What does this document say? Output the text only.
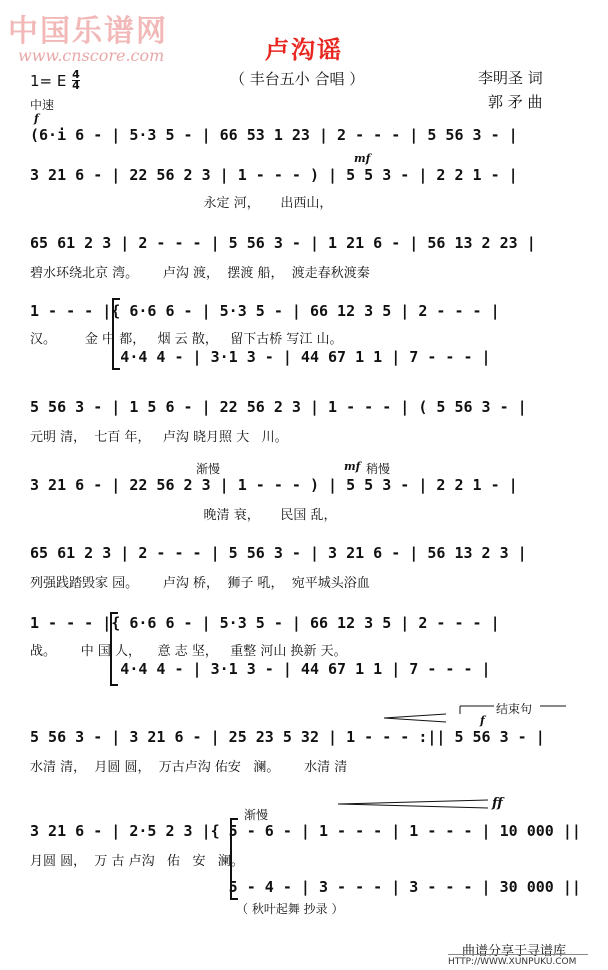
中国乐谱网
www.cnscore.com	卢沟谣
1= E 4
4
中速
（ 丰台五小 合唱 ）	李明圣 词
郭 矛 曲
f
mf
渐慢	mf 稍慢
结束句
f
渐慢
ff
(6·i 6 - | 5·3 5 - | 66 53 1 23 | 2 - - - | 5 56 3 - |
3 21 6 - | 22 56 2 3 | 1 - - - ) | 5 5 3 - | 2 2 1 - |
永定 河，     出西山，
65 61 2 3 | 2 - - - | 5 56 3 - | 1 21 6 - | 56 13 2 23 |
碧水环绕北京 湾。      卢沟 渡，  摆渡 船，  渡走春秋渡秦
1 - - - |{ 6·6 6 - | 5·3 5 - | 66 12 3 5 | 2 - - - |
汉。       金 中 都，   烟 云 散，   留下古桥 写江 山。
4·4 4 - | 3·1 3 - | 44 67 1 1 | 7 - - - |
5 56 3 - | 1 5 6 - | 22 56 2 3 | 1 - - - | ( 5 56 3 - |
元明 清，  七百 年，   卢沟 晓月照 大   川。
3 21 6 - | 22 56 2 3 | 1 - - - ) | 5 5 3 - | 2 2 1 - |
晚清 衰，     民国 乱，
65 61 2 3 | 2 - - - | 5 56 3 - | 3 21 6 - | 56 13 2 3 |
列强践踏毁家 园。      卢沟 桥，  狮子 吼，  宛平城头浴血
1 - - - |{ 6·6 6 - | 5·3 5 - | 66 12 3 5 | 2 - - - |
战。      中 国 人，    意 志 坚，   重整 河山 换新 天。
4·4 4 - | 3·1 3 - | 44 67 1 1 | 7 - - - |
5 56 3 - | 3 21 6 - | 25 23 5 32 | 1 - - - :|| 5 56 3 - |
水清 清，  月圆 圆，  万古卢沟 佑安   澜。      水清 清
3 21 6 - | 2·5 2 3 |{ 5 - 6 - | 1 - - - | 1 - - - | 10 000 ||
月圆 圆，  万 古 卢沟   佑   安   澜。
5 - 4 - | 3 - - - | 3 - - - | 30 000 ||
（ 秋叶起舞 抄录 ）
曲谱分享于寻谱库
HTTP://WWW.XUNPUKU.COM
